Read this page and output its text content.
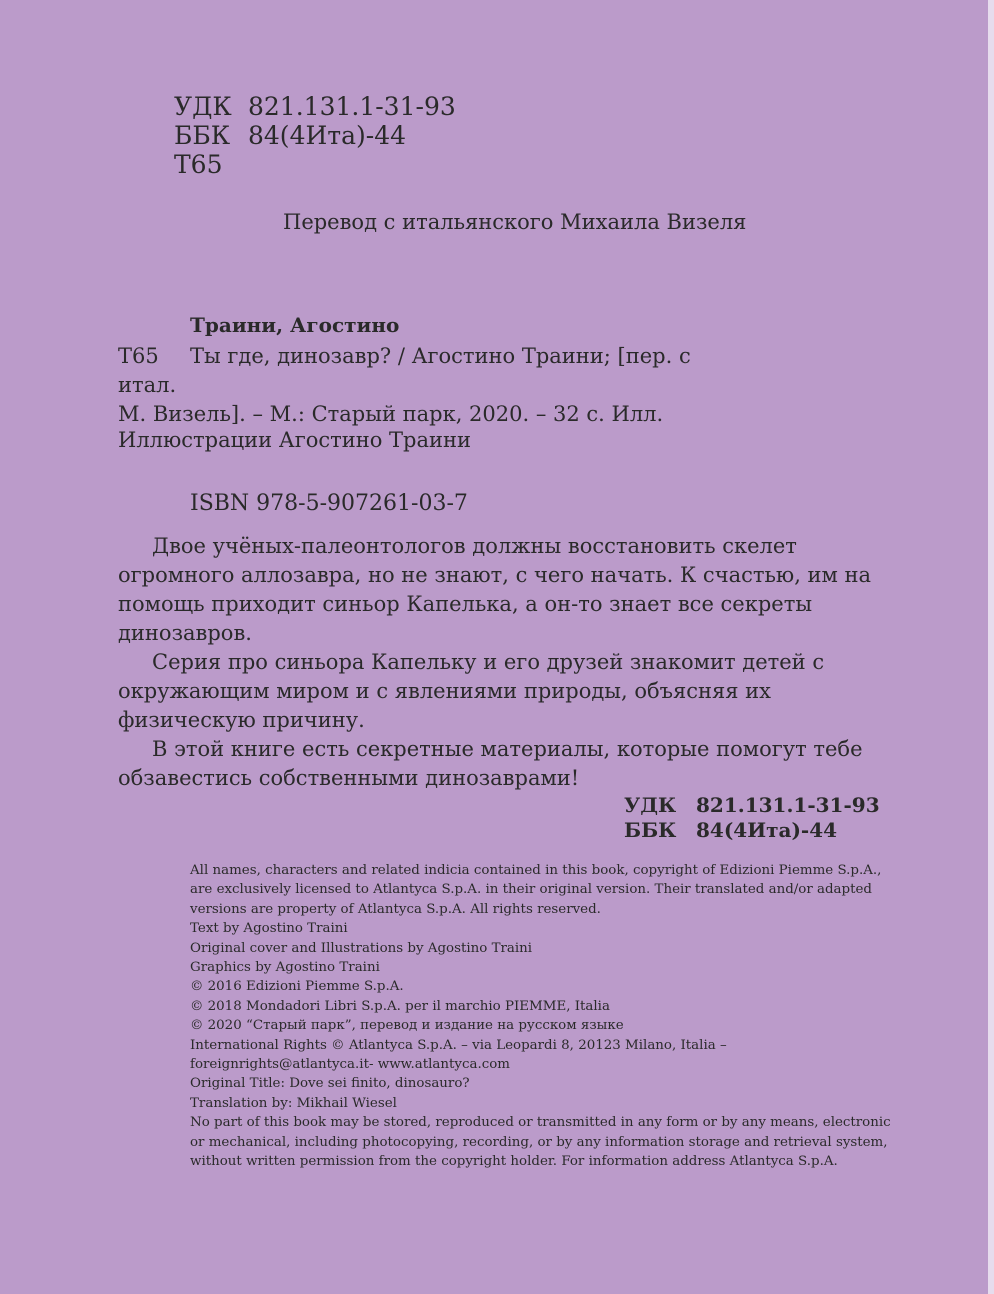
УДК 821.131.1-31-93
ББК 84(4Ита)-44
Т65
Перевод с итальянского Михаила Визеля
Траини, Агостино
Т65 Ты где, динозавр? / Агостино Траини; [пер. с итал.
М. Визель]. – М.: Старый парк, 2020. – 32 с. Илл.
Иллюстрации Агостино Траини
ISBN 978-5-907261-03-7

Двое учёных-палеонтологов должны восстановить скелет огромного аллозавра, но не знают, с чего начать. К счастью, им на помощь приходит синьор Капелька, а он-то знает все секреты динозавров.

Серия про синьора Капельку и его друзей знакомит детей с окружающим миром и с явлениями природы, объясняя их физическую причину.

В этой книге есть секретные материалы, которые помогут тебе обзавестись собственными динозаврами!

УДК 821.131.1-31-93
ББК 84(4Ита)-44
All names, characters and related indicia contained in this book, copyright of Edizioni Piemme S.p.A.,
are exclusively licensed to Atlantyca S.p.A. in their original version. Their translated and/or adapted
versions are property of Atlantyca S.p.A. All rights reserved.
Text by Agostino Traini
Original cover and Illustrations by Agostino Traini
Graphics by Agostino Traini
© 2016 Edizioni Piemme S.p.A.
© 2018 Mondadori Libri S.p.A. per il marchio PIEMME, Italia
© 2020 “Старый парк”, перевод и издание на русском языке
International Rights © Atlantyca S.p.A. – via Leopardi 8, 20123 Milano, Italia –
foreignrights@atlantyca.it- www.atlantyca.com
Original Title: Dove sei finito, dinosauro?
Translation by: Mikhail Wiesel
No part of this book may be stored, reproduced or transmitted in any form or by any means, electronic
or mechanical, including photocopying, recording, or by any information storage and retrieval system,
without written permission from the copyright holder. For information address Atlantyca S.p.A.
